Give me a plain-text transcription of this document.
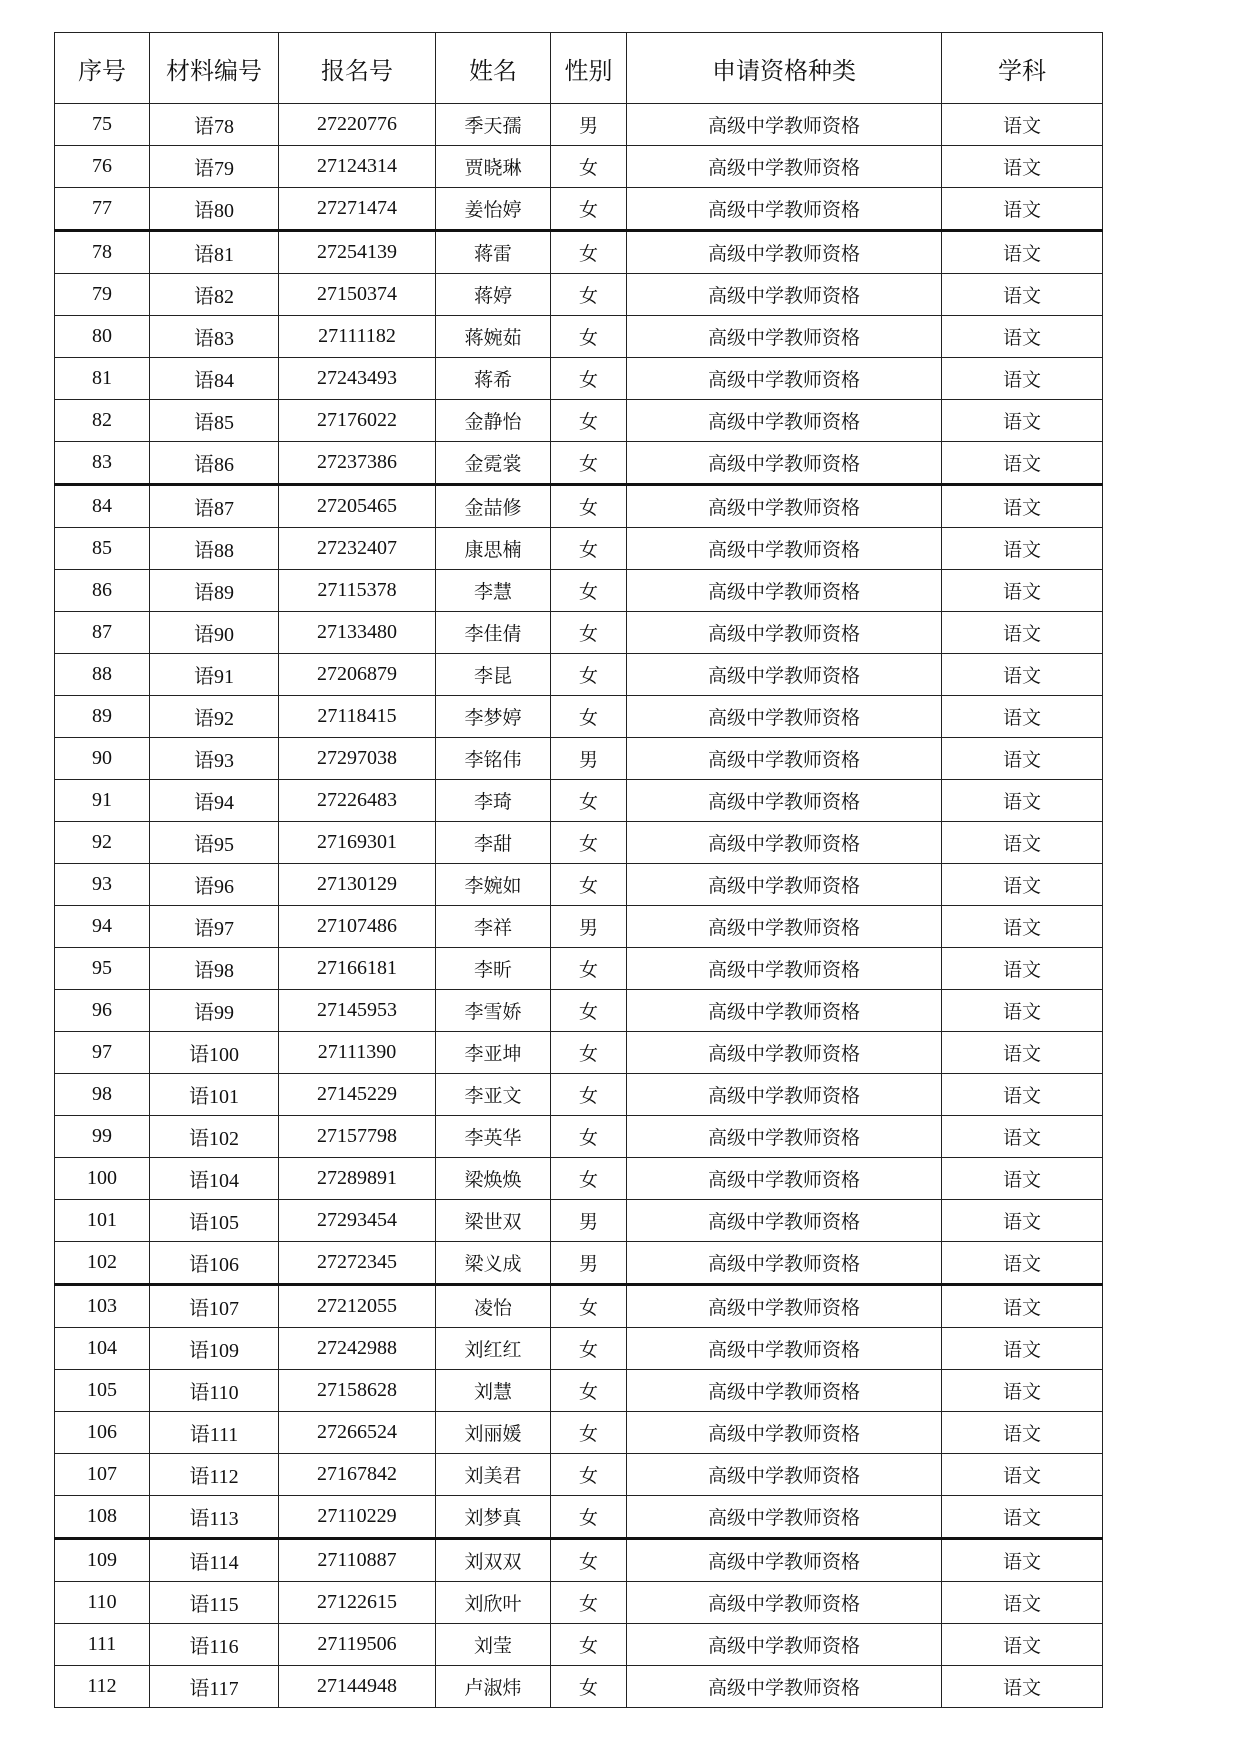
序号	材料编号	报名号	姓名	性别	申请资格种类	学科
75	语78	27220776	季天孺	男	高级中学教师资格	语文
76	语79	27124314	贾晓琳	女	高级中学教师资格	语文
77	语80	27271474	姜怡婷	女	高级中学教师资格	语文
78	语81	27254139	蒋雷	女	高级中学教师资格	语文
79	语82	27150374	蒋婷	女	高级中学教师资格	语文
80	语83	27111182	蒋婉茹	女	高级中学教师资格	语文
81	语84	27243493	蒋希	女	高级中学教师资格	语文
82	语85	27176022	金静怡	女	高级中学教师资格	语文
83	语86	27237386	金霓裳	女	高级中学教师资格	语文
84	语87	27205465	金喆修	女	高级中学教师资格	语文
85	语88	27232407	康思楠	女	高级中学教师资格	语文
86	语89	27115378	李慧	女	高级中学教师资格	语文
87	语90	27133480	李佳倩	女	高级中学教师资格	语文
88	语91	27206879	李昆	女	高级中学教师资格	语文
89	语92	27118415	李梦婷	女	高级中学教师资格	语文
90	语93	27297038	李铭伟	男	高级中学教师资格	语文
91	语94	27226483	李琦	女	高级中学教师资格	语文
92	语95	27169301	李甜	女	高级中学教师资格	语文
93	语96	27130129	李婉如	女	高级中学教师资格	语文
94	语97	27107486	李祥	男	高级中学教师资格	语文
95	语98	27166181	李昕	女	高级中学教师资格	语文
96	语99	27145953	李雪娇	女	高级中学教师资格	语文
97	语100	27111390	李亚坤	女	高级中学教师资格	语文
98	语101	27145229	李亚文	女	高级中学教师资格	语文
99	语102	27157798	李英华	女	高级中学教师资格	语文
100	语104	27289891	梁焕焕	女	高级中学教师资格	语文
101	语105	27293454	梁世双	男	高级中学教师资格	语文
102	语106	27272345	梁义成	男	高级中学教师资格	语文
103	语107	27212055	凌怡	女	高级中学教师资格	语文
104	语109	27242988	刘红红	女	高级中学教师资格	语文
105	语110	27158628	刘慧	女	高级中学教师资格	语文
106	语111	27266524	刘丽媛	女	高级中学教师资格	语文
107	语112	27167842	刘美君	女	高级中学教师资格	语文
108	语113	27110229	刘梦真	女	高级中学教师资格	语文
109	语114	27110887	刘双双	女	高级中学教师资格	语文
110	语115	27122615	刘欣叶	女	高级中学教师资格	语文
111	语116	27119506	刘莹	女	高级中学教师资格	语文
112	语117	27144948	卢淑炜	女	高级中学教师资格	语文
